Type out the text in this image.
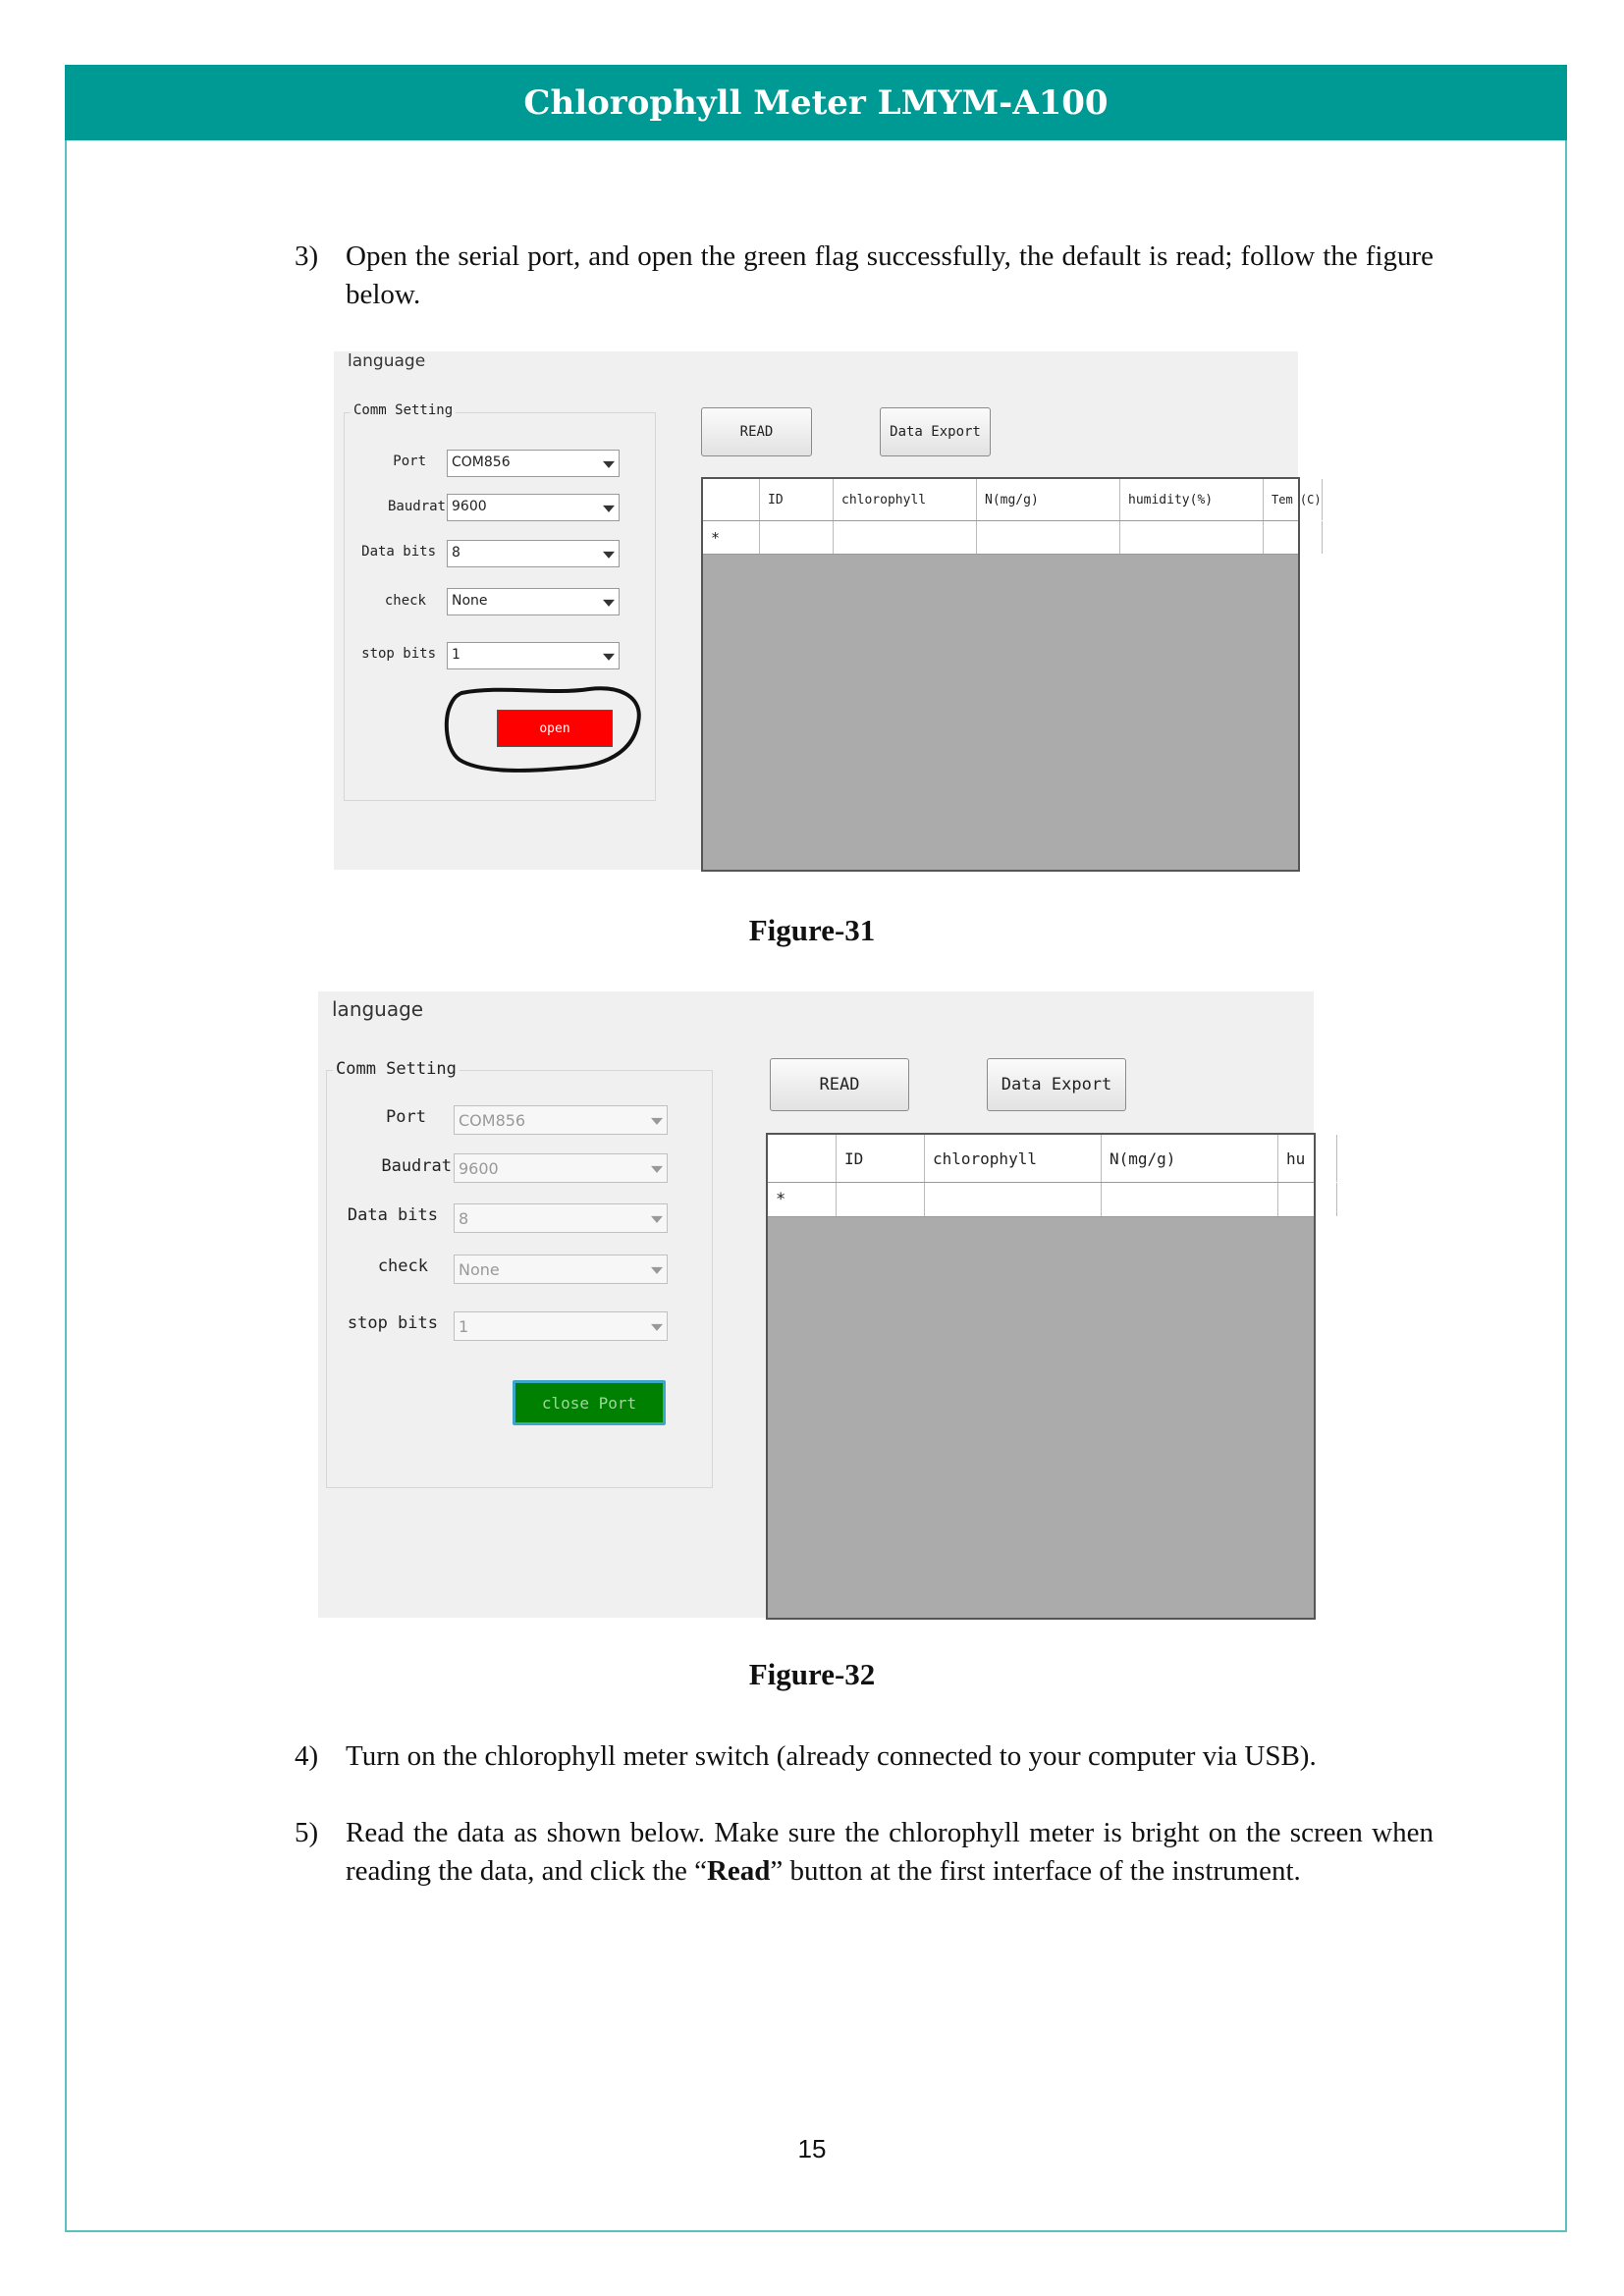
Chlorophyll Meter LMYM-A100
3) Open the serial port, and open the green flag successfully, the default is read; follow the figure below.
language
Comm Setting
Port COM856
Baudrat 9600
Data bits 8
check None
stop bits 1
open
READ	Data Export
ID	chlorophyll	N(mg/g)	humidity(%)	Tem (C)
*
Figure-31
language
Comm Setting
Port COM856
Baudrat 9600
Data bits 8
check None
stop bits 1
close Port
READ	Data Export
ID	chlorophyll	N(mg/g)	hu
*
Figure-32
4) Turn on the chlorophyll meter switch (already connected to your computer via USB).
5) Read the data as shown below. Make sure the chlorophyll meter is bright on the screen when reading the data, and click the “Read” button at the first interface of the instrument.
15
